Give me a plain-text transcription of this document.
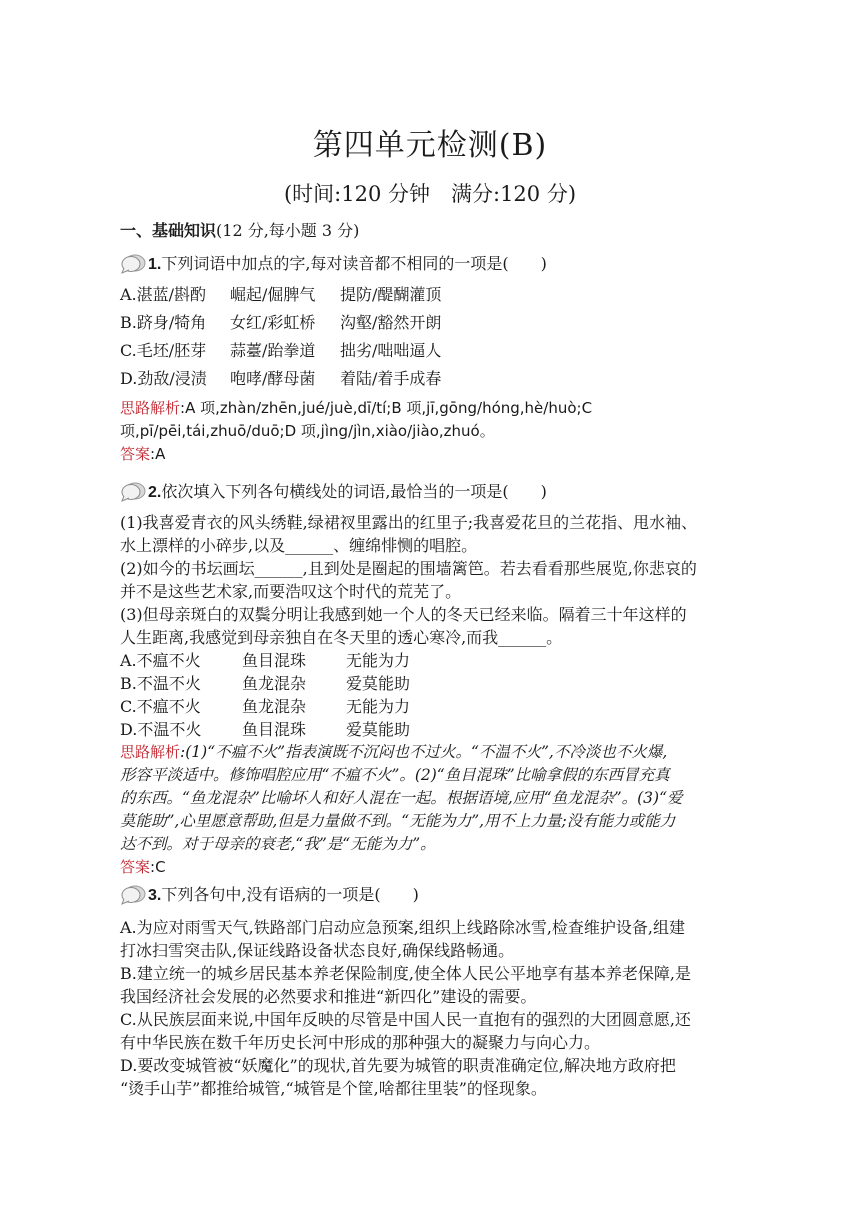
第四单元检测(B)
(时间:120 分钟　满分:120 分)
一、基础知识(12 分,每小题 3 分)
1.下列词语中加点的字,每对读音都不相同的一项是(　　)
A.湛蓝/斟酌 崛起/倔脾气 提防/醍醐灌顶
B.跻身/犄角 女红/彩虹桥 沟壑/豁然开朗
C.毛坯/胚芽 蒜薹/跆拳道 拙劣/咄咄逼人
D.劲敌/浸渍 咆哮/酵母菌 着陆/着手成春
思路解析:A 项,zhàn/zhēn,jué/juè,dī/tí;B 项,jī,gōng/hóng,hè/huò;C
项,pī/pēi,tái,zhuō/duō;D 项,jìng/jìn,xiào/jiào,zhuó。
答案:A
2.依次填入下列各句横线处的词语,最恰当的一项是(　　)
(1)我喜爱青衣的风头绣鞋,绿裙衩里露出的红里子;我喜爱花旦的兰花指、甩水袖、
水上漂样的小碎步,以及______、缠绵悱恻的唱腔。
(2)如今的书坛画坛______,且到处是圈起的围墙篱笆。若去看看那些展览,你悲哀的
并不是这些艺术家,而要浩叹这个时代的荒芜了。
(3)但母亲斑白的双鬓分明让我感到她一个人的冬天已经来临。隔着三十年这样的
人生距离,我感觉到母亲独自在冬天里的透心寒冷,而我______。
A.不瘟不火	鱼目混珠 无能为力
B.不温不火	鱼龙混杂 爱莫能助
C.不瘟不火	鱼龙混杂 无能为力
D.不温不火	鱼目混珠 爱莫能助
思路解析:(1)“不瘟不火”指表演既不沉闷也不过火。“不温不火”,不冷淡也不火爆,
形容平淡适中。修饰唱腔应用“不瘟不火”。(2)“鱼目混珠”比喻拿假的东西冒充真
的东西。“鱼龙混杂”比喻坏人和好人混在一起。根据语境,应用“鱼龙混杂”。(3)“爱
莫能助”,心里愿意帮助,但是力量做不到。“无能为力”,用不上力量;没有能力或能力
达不到。对于母亲的衰老,“我”是“无能为力”。
答案:C
3.下列各句中,没有语病的一项是(　　)
A.为应对雨雪天气,铁路部门启动应急预案,组织上线路除冰雪,检查维护设备,组建
打冰扫雪突击队,保证线路设备状态良好,确保线路畅通。
B.建立统一的城乡居民基本养老保险制度,使全体人民公平地享有基本养老保障,是
我国经济社会发展的必然要求和推进“新四化”建设的需要。
C.从民族层面来说,中国年反映的尽管是中国人民一直抱有的强烈的大团圆意愿,还
有中华民族在数千年历史长河中形成的那种强大的凝聚力与向心力。
D.要改变城管被“妖魔化”的现状,首先要为城管的职责准确定位,解决地方政府把
“烫手山芋”都推给城管,“城管是个筐,啥都往里装”的怪现象。
